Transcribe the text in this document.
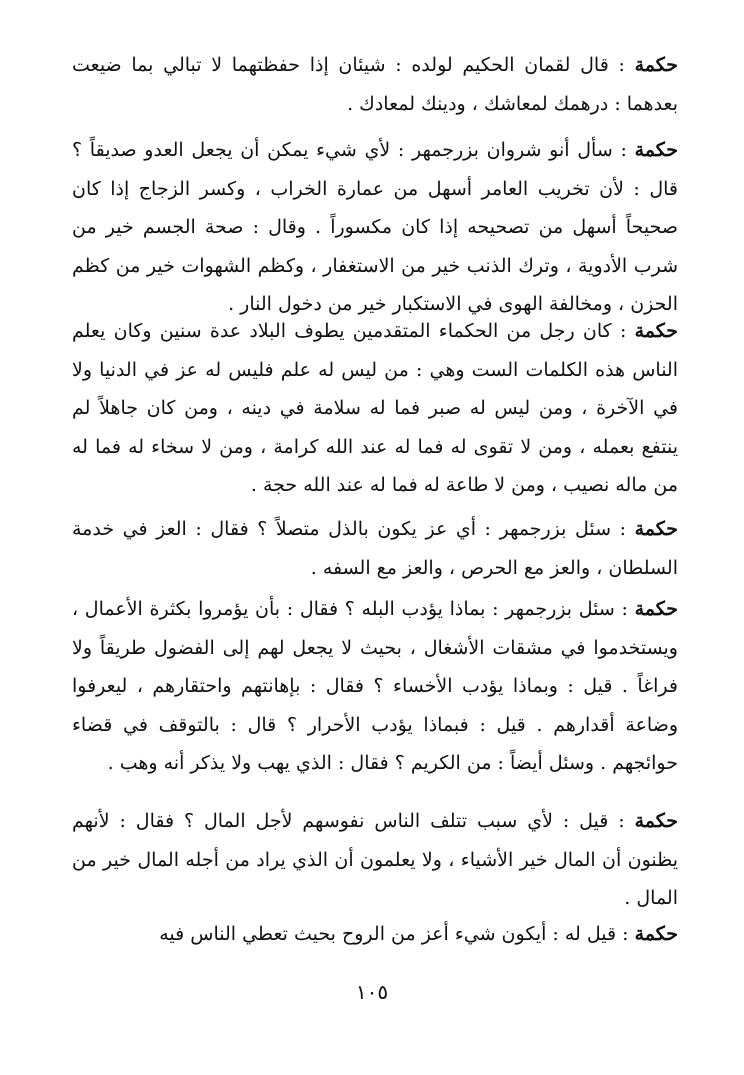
حكمة : قال لقمان الحكيم لولده : شيئان إذا حفظتهما لا تبالي بما ضيعت بعدهما : درهمك لمعاشك ، ودينك لمعادك .
حكمة : سأل أنو شروان بزرجمهر : لأي شيء يمكن أن يجعل العدو صديقاً ؟ قال : لأن تخريب العامر أسهل من عمارة الخراب ، وكسر الزجاج إذا كان صحيحاً أسهل من تصحيحه إذا كان مكسوراً . وقال : صحة الجسم خير من شرب الأدوية ، وترك الذنب خير من الاستغفار ، وكظم الشهوات خير من كظم الحزن ، ومخالفة الهوى في الاستكبار خير من دخول النار .
حكمة : كان رجل من الحكماء المتقدمين يطوف البلاد عدة سنين وكان يعلم الناس هذه الكلمات الست وهي : من ليس له علم فليس له عز في الدنيا ولا في الآخرة ، ومن ليس له صبر فما له سلامة في دينه ، ومن كان جاهلاً لم ينتفع بعمله ، ومن لا تقوى له فما له عند الله كرامة ، ومن لا سخاء له فما له من ماله نصيب ، ومن لا طاعة له فما له عند الله حجة .
حكمة : سئل بزرجمهر : أي عز يكون بالذل متصلاً ؟ فقال : العز في خدمة السلطان ، والعز مع الحرص ، والعز مع السفه .
حكمة : سئل بزرجمهر : بماذا يؤدب البله ؟ فقال : بأن يؤمروا بكثرة الأعمال ، ويستخدموا في مشقات الأشغال ، بحيث لا يجعل لهم إلى الفضول طريقاً ولا فراغاً . قيل : وبماذا يؤدب الأخساء ؟ فقال : بإهانتهم واحتقارهم ، ليعرفوا وضاعة أقدارهم . قيل : فبماذا يؤدب الأحرار ؟ قال : بالتوقف في قضاء حوائجهم . وسئل أيضاً : من الكريم ؟ فقال : الذي يهب ولا يذكر أنه وهب .
حكمة : قيل : لأي سبب تتلف الناس نفوسهم لأجل المال ؟ فقال : لأنهم يظنون أن المال خير الأشياء ، ولا يعلمون أن الذي يراد من أجله المال خير من المال .
حكمة : قيل له : أيكون شيء أعز من الروح بحيث تعطي الناس فيه
١٠٥
